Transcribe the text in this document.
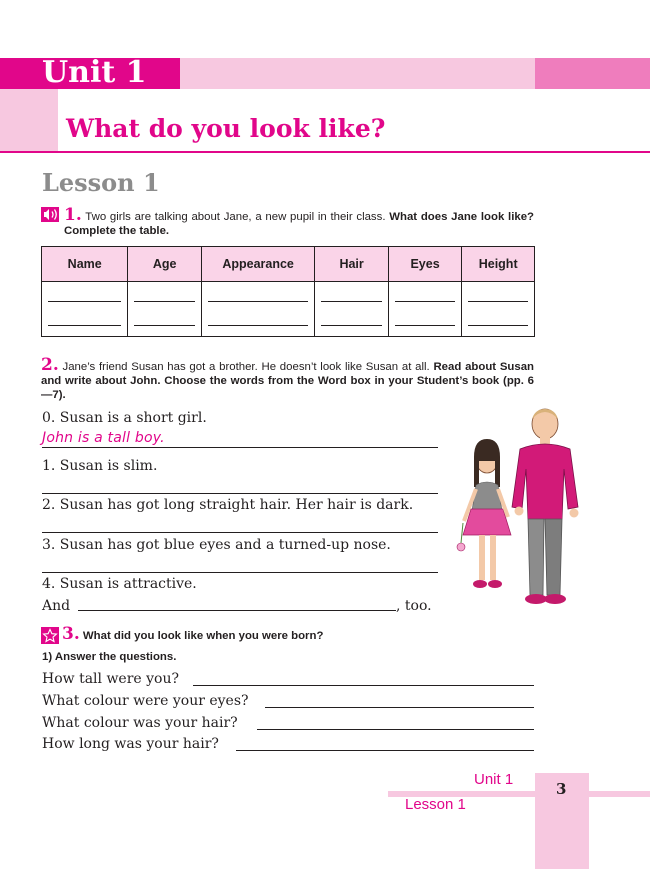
Unit 1
What do you look like?
Lesson 1
1. Two girls are talking about Jane, a new pupil in their class. What does Jane look like? Complete the table.
Name	Age	Appearance	Hair	Eyes	Height

2. Jane’s friend Susan has got a brother. He doesn’t look like Susan at all. Read about Susan and write about John. Choose the words from the Word box in your Student’s book (pp. 6—7).
0. Susan is a short girl.
John is a tall boy.
1. Susan is slim.
2. Susan has got long straight hair. Her hair is dark.
3. Susan has got blue eyes and a turned-up nose.
4. Susan is attractive.
And	, too.
3. What did you look like when you were born?
1) Answer the questions.
How tall were you?
What colour were your eyes?
What colour was your hair?
How long was your hair?
Unit 1
Lesson 1
3
